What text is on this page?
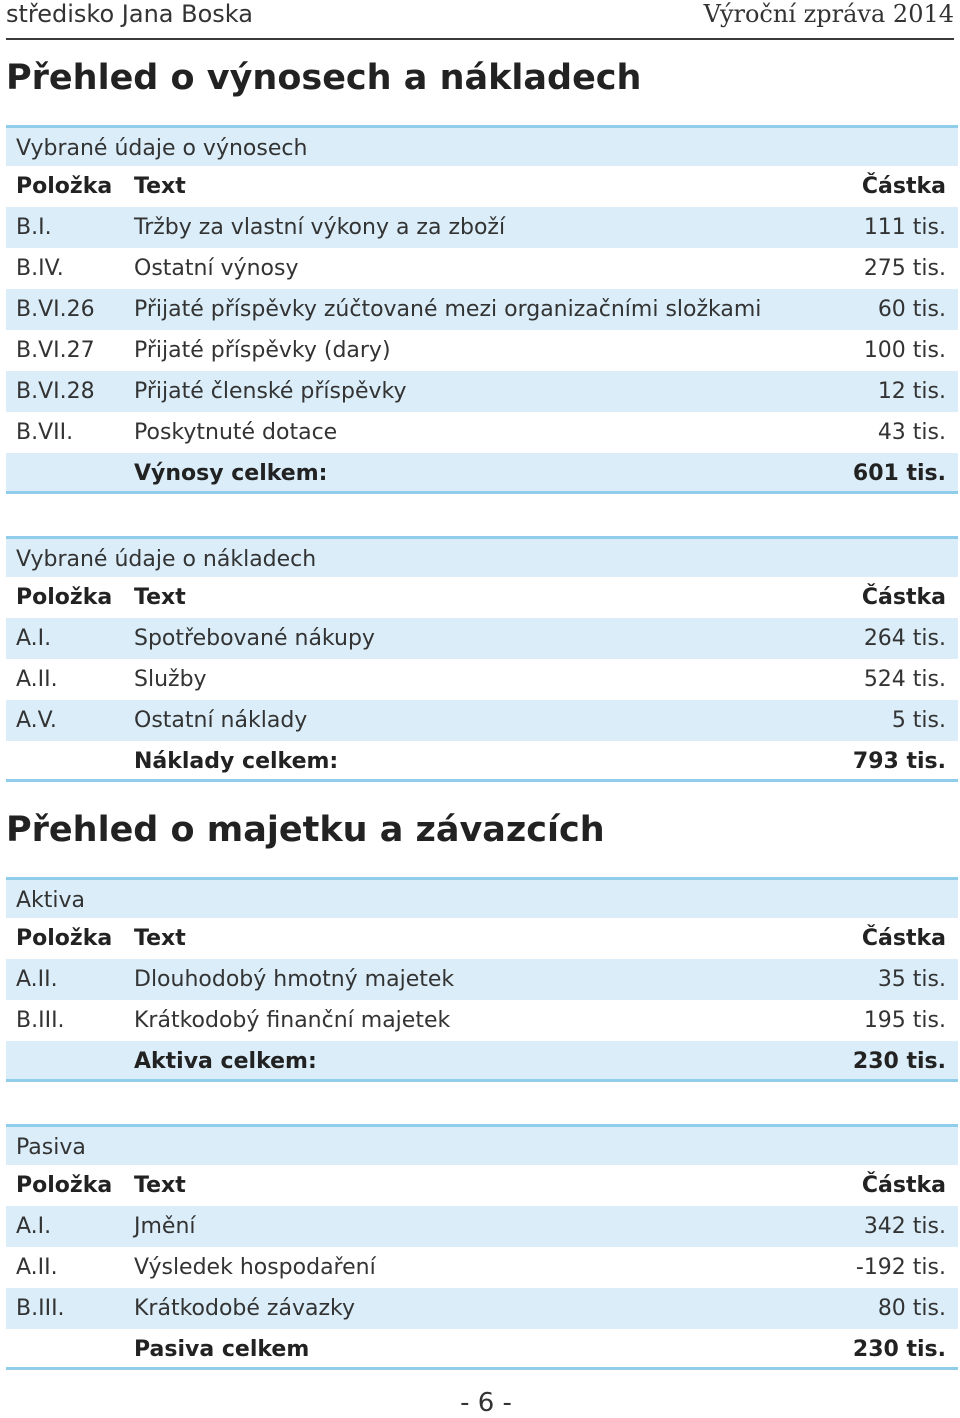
středisko Jana Boska	Výroční zpráva 2014
Přehled o výnosech a nákladech
Vybrané údaje o výnosech
Položka Text	Částka
B.I.	Tržby za vlastní výkony a za zboží	111 tis.
B.IV.	Ostatní výnosy	275 tis.
B.VI.26 Přijaté příspěvky zúčtované mezi organizačními složkami	60 tis.
B.VI.27 Přijaté příspěvky (dary)	100 tis.
B.VI.28 Přijaté členské příspěvky	12 tis.
B.VII.	Poskytnuté dotace	43 tis.
Výnosy celkem:	601 tis.
Vybrané údaje o nákladech
Položka Text	Částka
A.I.	Spotřebované nákupy	264 tis.
A.II.	Služby	524 tis.
A.V.	Ostatní náklady	5 tis.
Náklady celkem:	793 tis.
Přehled o majetku a závazcích
Aktiva
Položka Text	Částka
A.II.	Dlouhodobý hmotný majetek	35 tis.
B.III.	Krátkodobý finanční majetek	195 tis.
Aktiva celkem:	230 tis.
Pasiva
Položka Text	Částka
A.I.	Jmění	342 tis.
A.II.	Výsledek hospodaření	-192 tis.
B.III.	Krátkodobé závazky	80 tis.
Pasiva celkem	230 tis.
- 6 -
